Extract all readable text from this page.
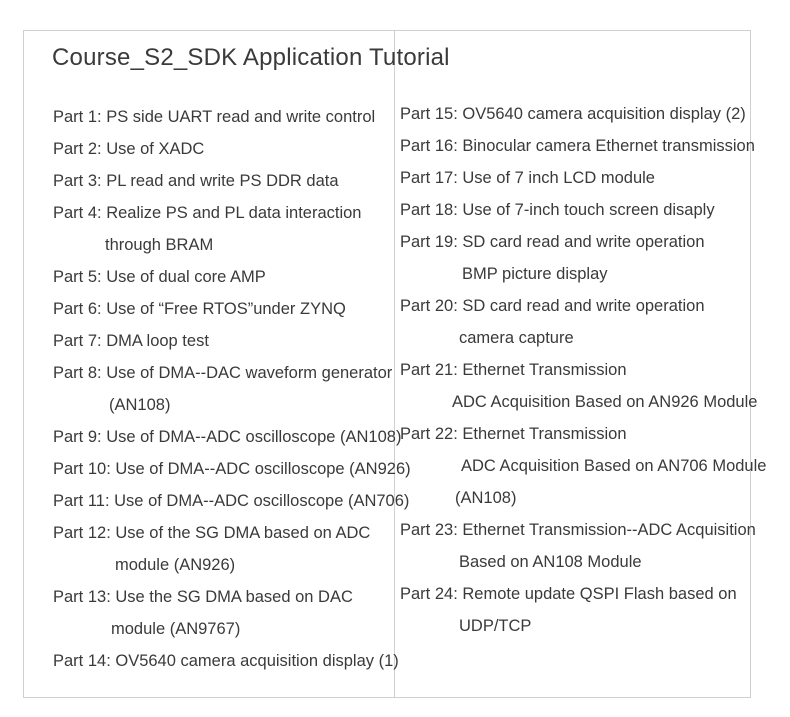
Course_S2_SDK Application Tutorial
Part 1: PS side UART read and write control
Part 2: Use of XADC
Part 3: PL read and write PS DDR data
Part 4: Realize PS and PL data interaction
through BRAM
Part 5: Use of dual core AMP
Part 6: Use of “Free RTOS”under ZYNQ
Part 7: DMA loop test
Part 8: Use of DMA--DAC waveform generator
(AN108)
Part 9: Use of DMA--ADC oscilloscope (AN108)
Part 10: Use of DMA--ADC oscilloscope (AN926)
Part 11: Use of DMA--ADC oscilloscope (AN706)
Part 12: Use of the SG DMA based on ADC
module (AN926)
Part 13: Use the SG DMA based on DAC
module (AN9767)
Part 14: OV5640 camera acquisition display (1)
Part 15: OV5640 camera acquisition display (2)
Part 16: Binocular camera Ethernet transmission
Part 17: Use of 7 inch LCD module
Part 18: Use of 7-inch touch screen disaply
Part 19: SD card read and write operation
BMP picture display
Part 20: SD card read and write operation
camera capture
Part 21: Ethernet Transmission
ADC Acquisition Based on AN926 Module
Part 22: Ethernet Transmission
ADC Acquisition Based on AN706 Module
(AN108)
Part 23: Ethernet Transmission--ADC Acquisition
Based on AN108 Module
Part 24: Remote update QSPI Flash based on
UDP/TCP
